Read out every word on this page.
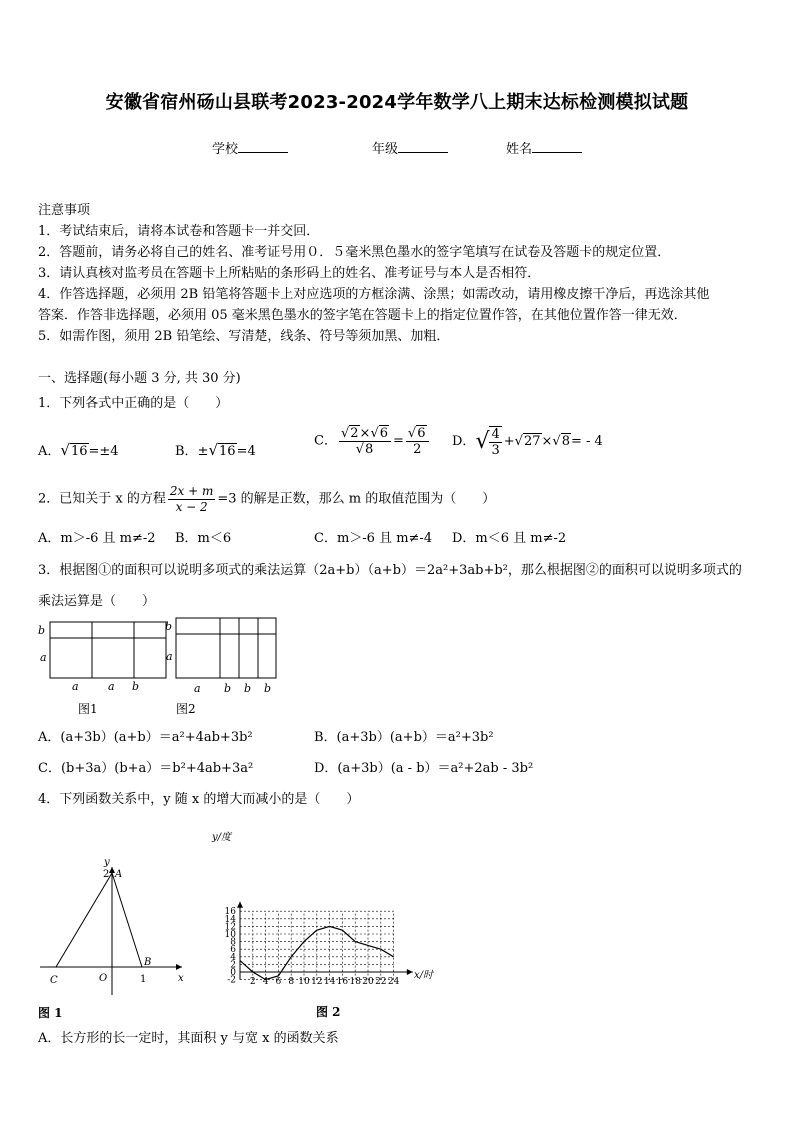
安徽省宿州砀山县联考2023-2024学年数学八上期末达标检测模拟试题
学校	年级	姓名
注意事项
1．考试结束后，请将本试卷和答题卡一并交回．
2．答题前，请务必将自己的姓名、准考证号用０．５毫米黑色墨水的签字笔填写在试卷及答题卡的规定位置．
3．请认真核对监考员在答题卡上所粘贴的条形码上的姓名、准考证号与本人是否相符．
4．作答选择题，必须用 2B 铅笔将答题卡上对应选项的方框涂满、涂黑；如需改动，请用橡皮擦干净后，再选涂其他
答案．作答非选择题，必须用 05 毫米黑色墨水的签字笔在答题卡上的指定位置作答，在其他位置作答一律无效．
5．如需作图，须用 2B 铅笔绘、写清楚，线条、符号等须加黑、加粗．
一、选择题(每小题 3 分, 共 30 分)
1．下列各式中正确的是（　　）
A．√16=±4	B．±√16=4
C． $\frac{√2\times√6}{√8} = \frac{√6}{2}$ D．√ $\frac{4}{3} +√27\times√8= - 4$
2．已知关于 x 的方程 $\frac{2x + m}{x - 2} =3$ 的解是正数，那么 m 的取值范围为（　　）
A．m＞-6 且 m≠-2 B．m＜6	C．m＞-6 且 m≠-4 D．m＜6 且 m≠-2
3．根据图①的面积可以说明多项式的乘法运算（2a+b）（a+b）＝2a²+3ab+b²，那么根据图②的面积可以说明多项式的
乘法运算是（　　）
b
a
a	a b
图1
b
a
a b b b
图2
A．(a+3b）(a+b）＝a²+4ab+3b²	B．(a+3b）(a+b）＝a²+3b²
C．(b+3a）(b+a）＝b²+4ab+3a²	D．(a+3b）(a - b）＝a²+2ab - 3b²
4．下列函数关系中，y 随 x 的增大而减小的是（　　）
y
x
A
2
B
C	O	1
图 1
16
14
12
10
8
6
4
2
0
-2 2 4 6 8 10 12 14 16 18 20 22 24
y/度
x/时
图 2
A．长方形的长一定时，其面积 y 与宽 x 的函数关系
